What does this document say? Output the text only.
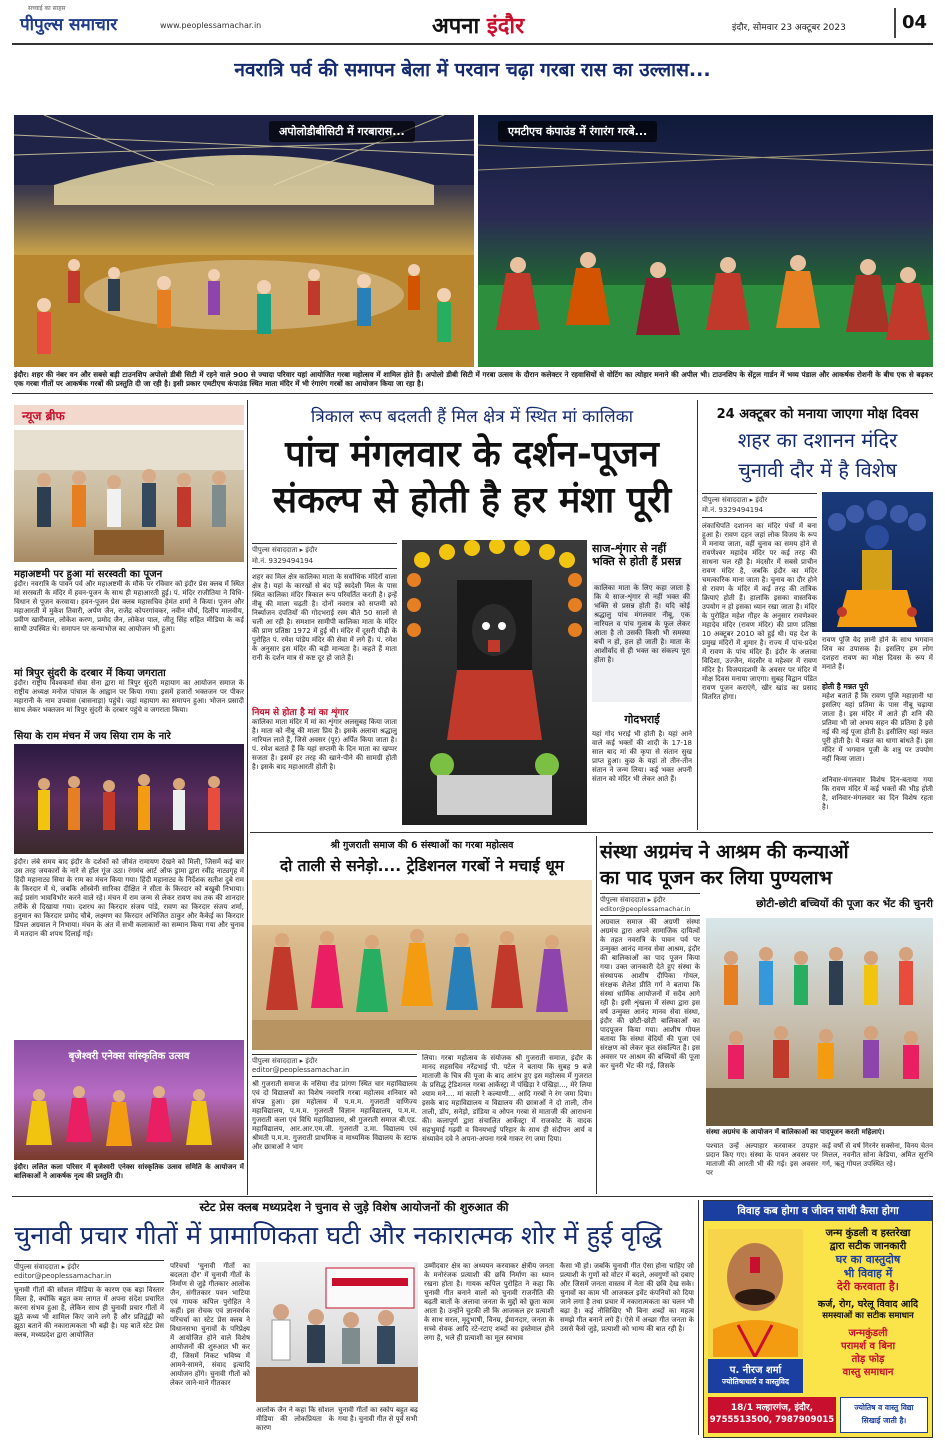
सच्चाई का साहस
पीपुल्स समाचार	www.peoplessamachar.in	अपना इंदौर	इंदौर, सोमवार 23 अक्टूबर 2023	04
नवरात्रि पर्व की समापन बेला में परवान चढ़ा गरबा रास का उल्लास...
अपोलोडीबीसिटी में गरबारास...	एमटीएच कंपाउंड में रंगारंग गरबे...
इंदौर। शहर की नंबर वन और सबसे बड़ी टाउनशिप अपोलो डीबी सिटी में रहने वाले 900 से ज्यादा परिवार यहां आयोजित गरबा महोत्सव में शामिल होते हैं। अपोलो डीबी सिटी में गरबा उत्सव के दौरान कलेक्टर ने रहवासियों से वोटिंग का त्योहार मनाने की अपील भी। टाउनशिप के सेंट्रल गार्डन में भव्य पंडाल और आकर्षक रोशनी के बीच एक से बढ़कर एक गरबा गीतों पर आकर्षक गरबों की प्रस्तुति दी जा रही है। इसी प्रकार एमटीएच कंपाउंड स्थित माता मंदिर में भी रंगारंग गरबों का आयोजन किया जा रहा है।
न्यूज ब्रीफ
महाअष्टमी पर हुआ मां सरस्वती का पूजन
इंदौर। नवरात्रि के पावन पर्व और महाअष्टमी के मौके पर रविवार को इंदौर प्रेस क्लब में स्थित मां सरस्वती के मंदिर में हवन-पूजन के साथ ही महाआरती हुई। पं. मंदिर राजीतिया ने विधि-विधान से पूजन करवाया। हवन-पूजन प्रेस क्लब महासचिव हेमंत शर्मा ने किया। पूजन और महाआरती में मुकेश तिवारी, अर्पण जैन, राजेंद्र कोपरगांवकर, नवीन मौर्य, दिलीप मालवीय, प्रवीण खारीवाल, लोकेश करण, प्रमोद जैन, लोकेश पाल, जीतू सिंह सहित मीडिया के कई साथी उपस्थित थे। समापन पर कन्याभोज का आयोजन भी हुआ।
मां त्रिपुर सुंदरी के दरबार में किया जगराता
इंदौर। राष्ट्रीय विश्वकर्मा सेवा सेना द्वारा मां त्रिपुर सुंदरी महायाग का आयोजन समाज के राष्ट्रीय अध्यक्ष मनोज पांचाल के आह्वान पर किया गया। इसमें हजारों भक्तजन पर पीकर महारानी के नाम उपवास (बासनाड़ा) पहुंचे। जहां महायाग का समापन हुआ। भोजन प्रसादी साथ लेकर भक्तजन मां त्रिपुर सुंदरी के दरबार पहुंचे व जगराता किया।
सिया के राम मंचन में जय सिया राम के नारे
इंदौर। लंबे समय बाद इंदौर के दर्शकों को जीवंत रामायण देखने को मिली, जिसमें कई बार उस तरह जयकारों के नारे से हॉल गूंज उठा। रंगमंच आर्ट ऑफ ड्रामा द्वारा रवींद्र नाट्यगृह में हिंदी महानाट्य सिया के राम का मंचन किया गया। हिंदी महानाट्य के निर्देशक सतीश दुबे राम के किरदार में थे, जबकि ऑस्वेनी सारिका दीक्षित ने सीता के किरदार को बखूबी निभाया। कई प्रसंग भावविभोर करने वाले रहे। मंचन में राम जन्म से लेकर रावण वध तक की शानदार तरीके से दिखाया गया। दशरथ का किरदार संजय पांडे, रावण का किरदार संजय शर्मा, हनुमान का किरदार प्रमोद चौबे, लक्ष्मण का किरदार अभिजित ठाकुर और कैकेई का किरदार डिंपल अग्रवाल ने निभाया। मंचन के अंत में सभी कलाकारों का सम्मान किया गया और चुनाव में मतदान की शपथ दिलाई गई।
बृजेश्वरी एनेक्स सांस्कृतिक उत्सव
इंदौर। ललित कला परिसर में बृजेश्वरी एनेक्स सांस्कृतिक उत्सव समिति के आयोजन में बालिकाओं ने आकर्षक नृत्य की प्रस्तुति दी।
त्रिकाल रूप बदलती हैं मिल क्षेत्र में स्थित मां कालिका
पांच मंगलवार के दर्शन-पूजन
संकल्प से होती है हर मंशा पूरी
पीपुल्स संवाददाता ▸ इंदौर
मो.नं. 9329494194
शहर का मिल क्षेत्र कालिका माता के सर्वाधिक मंदिरों वाला क्षेत्र है। यहां के कारखों से बंद पड़ें स्वदेशी मिल के पास स्थित कालिका मंदिर त्रिकाल रूप परिवर्तित करती है। इन्हें नीबू की माला चढ़ती है। दोनों नवरात्र को सप्तमी को निर्ब्याजन दंपतियों की गोदभराई रस्म बीते 50 सालों से चली आ रही है। समशान सामीपी कालिका माता के मंदिर की प्राण प्रतिष्ठा 1972 में हुई थी। मंदिर में दूसरी पीढ़ी के पुरोहित पं. रमेश पांडेय मंदिर की सेवा में लगे हैं। पं. रमेश के अनुसार इस मंदिर की बड़ी मान्यता है। कहते हैं माता रानी के दर्शन मात्र से कष्ट दूर हो जाते हैं।
नियम से होता है मां का शृंगार
कालिका माता मंदिर में मां का शृंगार अलसुबह किया जाता है। माता को नीबू की माला प्रिय है। इसके अलावा श्रद्धालु नारियल लाते हैं, जिसे अवसर (पूर) अर्पित किया जाता है। पं. रमेश बताते हैं कि यहां सप्तमी के दिन माता का खप्पर सजता है। इसमें हर तरह की खाने-पीने की सामग्री होती है। इसके बाद महाआरती होती है।
साज-शृंगार से नहीं भक्ति से होती हैं प्रसन्न
कालिका माता के लिए कहा जाता है कि ये साज-शृंगार से नहीं भक्त की भक्ति से प्रसन्न होती हैं। यदि कोई श्रद्धालु पांच मंगलवार नीबू, एक नारियल व पांच गुलाब के फूल लेकर आता है तो उसकी किसी भी समस्या बची न हो, हल हो जाती है। माता के आशीर्वाद से ही भक्त का संकल्प पूरा होता है।
गोदभराई
यहां गोद भराई भी होती है। यहां आने वाले कई भक्तों की शादी के 17-18 साल बाद मां की कृपा से संतान सुख प्राप्त हुआ। कुछ के यहां तो तीन-तीन संतान ने जन्म लिया। कई भक्त अपनी संतान को मंदिर भी लेकर आते हैं।
24 अक्टूबर को मनाया जाएगा मोक्ष दिवस
शहर का दशानन मंदिर
चुनावी दौर में है विशेष
पीपुल्स संवाददाता ▸ इंदौर
मो.नं. 9329494194
लंकाधिपति दशानन का मंदिर पंचों में बना हुआ है। रावण दहन जहां लोक विजय के रूप में मनाया जाता, वहीं चुनाव का समय होने से रावणेश्वर महादेव मंदिर पर कई तरह की साधना चल रही है। मंदसौर में सबसे प्राचीन रावण मंदिर है, जबकि इंदौर का मंदिर चमत्कारिक माना जाता है। चुनाव का दौर होने से रावण के मंदिर में कई तरह की तांत्रिक क्रियाएं होती हैं। हालांकि इसका वास्तविक उपयोग न हो इसका ध्यान रखा जाता है। मंदिर के पुरोहित महेश गौहर के अनुसार रावणेश्वर महादेव मंदिर (रावण मंदिर) की प्राण प्रतिष्ठा 10 अक्टूबर 2010 को हुई थी। यह देश के प्रमुख मंदिरों में शुमार है। राज्य में पांच-प्रदेश में रावण के पांच मंदिर हैं। इंदौर के अलावा विदिशा, उज्जैन, मंदसौर व महेश्वर में रावण मंदिर है। विजयादशमी के अवसर पर मंदिर में मोक्ष दिवस मनाया जाएगा। सुबह विद्वान पंडित रावण पूजन कराएंगे, खीर खांड का प्रसाद वितरित होगा।
रावण पूजि वेद ज्ञानी होने के साथ भगवान शिव का उपासक है। इसलिए हम लोग दशहरा रावण का मोक्ष दिवस के रूप में मनाते हैं।
होती है मन्नत पूरी
महेश बताते हैं कि रावण पूजि महाज्ञानी था इसलिए यहां प्रतिमा के पास नीबू चढ़ाया जाता है। इस मंदिर में आते ही शनि की प्रतिमा भी जो अभय सहन की प्रतिमा है इसे नई की नई पूजा होती है। इसीलिए यहां मन्नत पूरी होती है। ये मन्नत का धागा बांधते हैं। इस मंदिर में भगवान पूजी के शत्रु पर उपयोग नहीं किया जाता।
शनिवार-मंगलवार विशेष दिन-बताया गया कि रावण मंदिर में कई भक्तों की भीड़ होती है, शनिवार-मंगलवार का दिन विशेष रहता है।
श्री गुजराती समाज की 6 संस्थाओं का गरबा महोत्सव
दो ताली से सनेड़ो.... ट्रेडिशनल गरबों ने मचाई धूम
पीपुल्स संवाददाता ▸ इंदौर
editor@peoplessamachar.in
श्री गुजराती समाज के नसिया रोड प्रांगण स्थित चार महाविद्यालय एवं दो विद्यालयों का विशेष नवरात्रि गरबा महोत्सव शनिवार को संपन्न हुआ। इस महोत्सव में प.म.म. गुजराती वाणिज्य महाविद्यालय, प.म.म. गुजराती विज्ञान महाविद्यालय, प.म.म. गुजराती कला एवं विधि महाविद्यालय, श्री गुजराती समाज बी.एड. महाविद्यालय, आर.आर.एम.जी. गुजराती उ.मा. विद्यालय एवं श्रीमती प.म.म. गुजराती प्राथमिक व माध्यमिक विद्यालय के स्टाफ और छात्राओं ने भाग
लिया। गरबा महोत्सव के संयोजक श्री गुजराती समाज, इंदौर के मानद सहसचिव नरेंद्रभाई पी. पटेल ने बताया कि सुबह 9 बजे माताजी के चित्र की पूजा के बाद आरंभ हुए इस महोत्सव में गुजरात के प्रसिद्ध ट्रेडिशनल गरबा आर्केस्ट्रा में पंखिड़ा रे पंखिड़ा..., मेरे लिया श्याम मने.... मां काली रे कल्याणी... आदि गरबों ने रंग जमा दिया। इसके बाद महाविद्यालय व विद्यालय की छात्राओं ने दो ताली, तीन ताली, डॉप, सनेड़ो, डांडिया व ओपन गरबा से माताजी की आराधना की। कलापूर्ण द्वारा संचालित आर्केस्ट्रा में राजकोट के वादक सहभुमाई गढ़वी व विनयभाई परिहार के साथ ही संदीपन आर्य व संध्यावेन दवे ने अपना-अपना गरबे गाकर रंग जमा दिया।
संस्था अग्रमंच ने आश्रम की कन्याओं
का पाद पूजन कर लिया पुण्यलाभ
पीपुल्स संवाददाता ▸ इंदौर
editor@peoplessamachar.in	छोटी-छोटी बच्चियों की पूजा कर भेंट की चुनरी
अग्रवाल समाज की अग्रणी संस्था अग्रमंच द्वारा अपने सामाजिक दायित्वों के तहत नवरात्रि के पावन पर्व पर उन्मुक्त आनंद मानव सेवा आश्रम, इंदौर की बालिकाओं का पाद पूजन किया गया। उक्त जानकारी देते हुए संस्था के संस्थापक आशीष दीपिका गोयल, संरक्षक शैलेश प्रीति गर्ग ने बताया कि संस्था धार्मिक आयोजनों में सदैव आगे रही है। इसी शृंखला में संस्था द्वारा इस वर्ष उन्मुक्त आनंद मानव सेवा संस्था, इंदौर की छोटी-छोटी बालिकाओं का पादपूजन किया गया। आशीष गोयल बताया कि संस्था वेदियों की पूजा एवं संरक्षण को लेकर कृत संकल्पित है। इस अवसर पर आश्रम की बच्चियों की पूजा कर चुनरी भेंट की गई, जिसके
संस्था अग्रमंच के आयोजन में बालिकाओं का पादपूजन करती महिलाएं।
पश्चात उन्हें अल्पाहार करवाकर उपहार प्रदान किए गए। संस्था के पावन अवसर पर माताजी की आरती भी की गई। इस अवसर पर
कई वर्षों से वर्ष गिरनेर सक्सेना, विनय चेतन मित्तल, नवनीत सोना केडिया, अमित सुरभि गर्ग, ऋतु गोयल उपस्थित रहे।
स्टेट प्रेस क्लब मध्यप्रदेश ने चुनाव से जुड़े विशेष आयोजनों की शुरुआत की
चुनावी प्रचार गीतों में प्रामाणिकता घटी और नकारात्मक शोर में हुई वृद्धि
पीपुल्स संवाददाता ▸ इंदौर
editor@peoplessamachar.in
चुनावी गीतों की सोशल मीडिया के कारण एक बड़ा विस्तार मिला है, क्योंकि बहुत कम लागत में अपना संदेश प्रचारित करना संभव हुआ है, लेकिन साथ ही चुनावी प्रचार गीतों में झूठे कथ्य भी शामिल किए जाने लगे हैं और प्रतिद्वंद्वी को झूठा बताने की नकारात्मकता भी बढ़ी है। यह बातें स्टेट प्रेस क्लब, मध्यप्रदेश द्वारा आयोजित
परिचर्चा 'चुनावी गीतों का बदलता दौर' में चुनावी गीतों के निर्माण से जुड़े गीतकार आलोक जैन, संगीतकार पवन भाटिया एवं गायक कपिल पुरोहित ने कहीं। इस रोचक एवं ज्ञानवर्धक परिचर्चा का स्टेट प्रेस क्लब ने विधानसभा चुनावों के परिप्रेक्ष्य में आयोजित होने वाले विशेष आयोजनों की शुरुआत भी कर दी, जिसमें निकट भविष्य में आमने-सामने, संवाद इत्यादि आयोजन होंगे। चुनावी गीतों को लेकर जाने-माने गीतकार
आलोक जैन ने कहा कि सोशल मीडिया की लोकप्रियता के कारण
चुनावी गीतों का स्कोप बहुत बढ़ गया है। चुनावी गीत से पूर्व सभी
उम्मीदवार क्षेत्र का अध्ययन करवाकर क्षेत्रीय जनता के मनोरंजक प्रत्याशी की छवि निर्माण का ध्यान रखना होता है। गायक कपिल पुरोहित ने कहा कि चुनावी गीत बनाने वालों को चुनावी राजनीति की बढ़ती बातों के अलावा जनता के मुद्दों को छूता काम आता है। उन्होंने चुटकी ली कि आजकल हर प्रत्याशी के साथ सरल, मृदुभाषी, विनम्र, ईमानदार, जनता के सच्चे सेवक आदि रटे-रटाए शब्दों का इस्तेमाल होने लगा है, भले ही प्रत्याशी का मूल स्वभाव
कैसा भी हो। जबकि चुनावी गीत ऐसा होना चाहिए जो प्रत्याशी के गुणों को वोटर में बदले, अवगुणों को दबाए और जिसमें जनता वास्तव में नेता की छवि देख सके। चुनावों का काम भी आजकल इवेंट कंपनियों को दिया जाने लगा है तथा प्रचार में नकारात्मकता का चलन भी बढ़ा है। कई नौसिखिए भी बिना शब्दों का महत्व समझे गीत बनाने लगे हैं। ऐसे में अच्छा गीत जनता के उससे कैसे जुड़े, प्रत्याशी को भाग्य की बात रही है।
विवाह कब होगा व जीवन साथी कैसा होगा
जन्म कुंडली व हस्तरेखा
द्वारा सटीक जानकारी
घर का वास्तुदोष
भी विवाह में
देरी करवाता है।
कर्ज, रोग, घरेलू विवाद आदि
समस्याओं का सटीक समाधान
जन्मकुंडली
परामर्श व बिना
तोड़ फोड़
वास्तु समाधान
प. नीरज शर्मा
ज्योतिषाचार्य व वास्तुविद
18/1 मल्हारगंज, इंदौर,
9755513500, 7987909015
ज्योतिष व वास्तु विद्या
सिखाई जाती है।
